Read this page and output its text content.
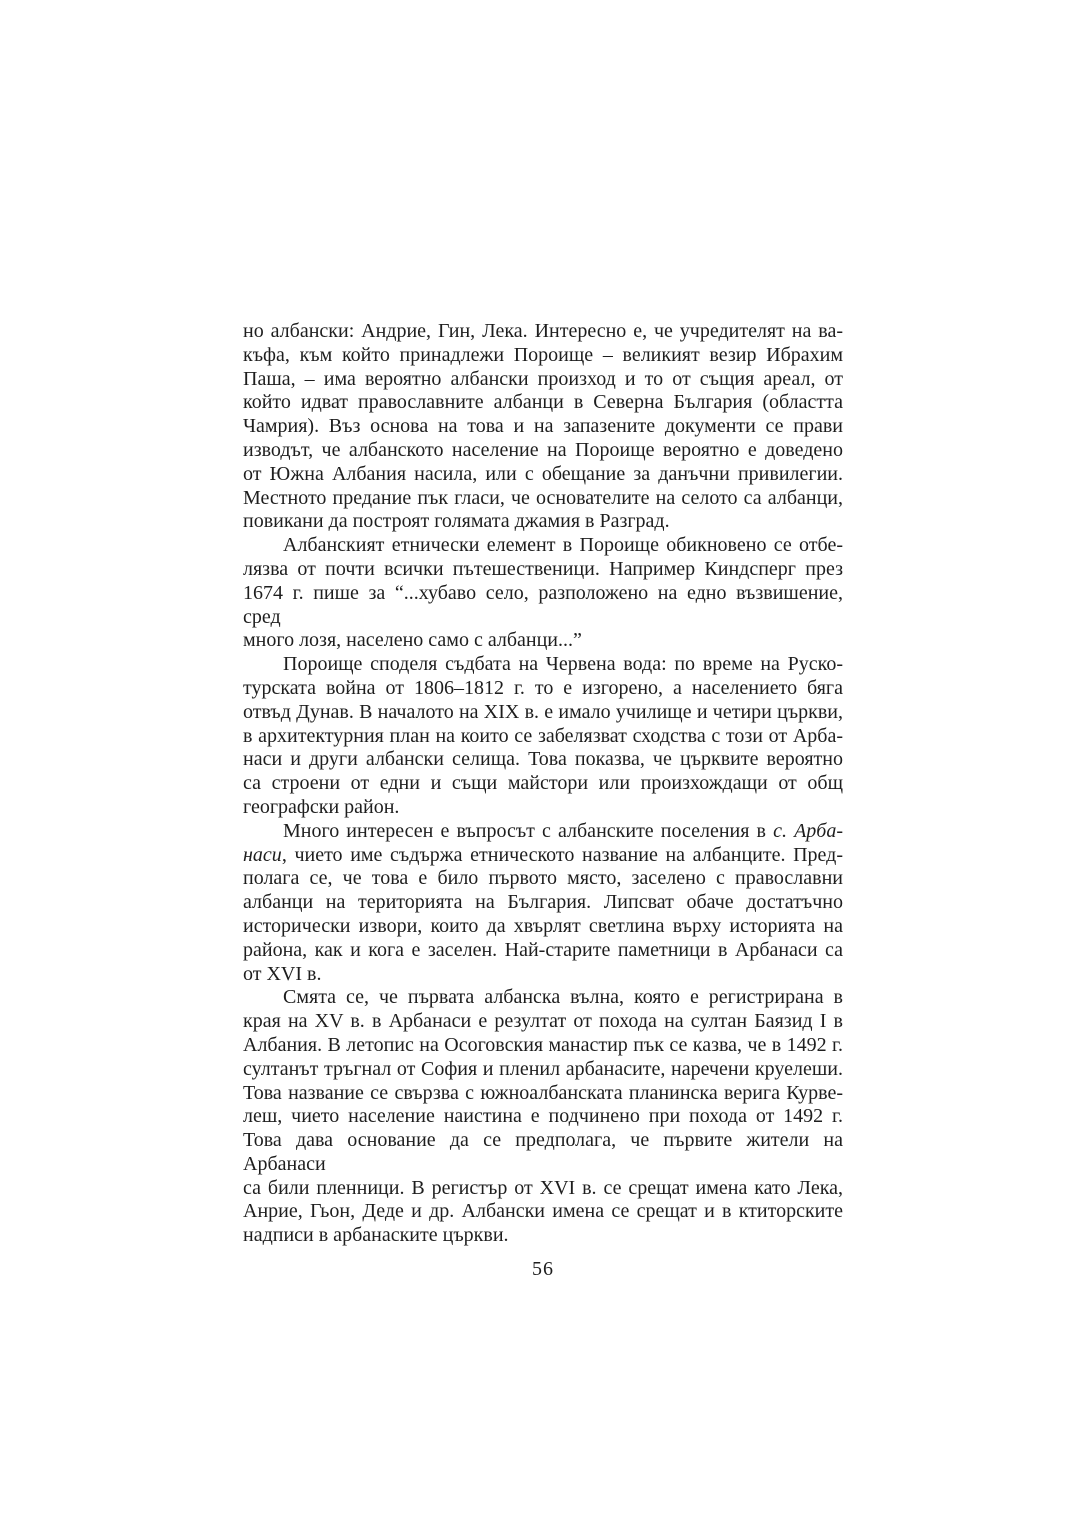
но албански: Андрие, Гин, Лека. Интересно е, че учредителят на ва-
къфа, към който принадлежи Пороище – великият везир Ибрахим
Паша, – има вероятно албански произход и то от същия ареал, от
който идват православните албанци в Северна България (областта
Чамрия). Въз основа на това и на запазените документи се прави
изводът, че албанското население на Пороище вероятно е доведено
от Южна Албания насила, или с обещание за данъчни привилегии.
Местното предание пък гласи, че основателите на селото са албанци,
повикани да построят голямата джамия в Разград.
Албанският етнически елемент в Пороище обикновено се отбе-
лязва от почти всички пътешественици. Например Киндсперг през
1674 г. пише за “...хубаво село, разположено на едно възвишение, сред
много лозя, населено само с албанци...”
Пороище споделя съдбата на Червена вода: по време на Руско-
турската война от 1806–1812 г. то е изгорено, а населението бяга
отвъд Дунав. В началото на XIX в. е имало училище и четири църкви,
в архитектурния план на които се забелязват сходства с този от Арба-
наси и други албански селища. Това показва, че църквите вероятно
са строени от едни и същи майстори или произхождащи от общ
географски район.
Много интересен е въпросът с албанските поселения в с. Арба-
наси, чието име съдържа етническото название на албанците. Пред-
полага се, че това е било първото място, заселено с православни
албанци на територията на България. Липсват обаче достатъчно
исторически извори, които да хвърлят светлина върху историята на
района, как и кога е заселен. Най-старите паметници в Арбанаси са
от XVI в.
Смята се, че първата албанска вълна, която е регистрирана в
края на XV в. в Арбанаси е резултат от похода на султан Баязид I в
Албания. В летопис на Осоговския манастир пък се казва, че в 1492 г.
султанът тръгнал от София и пленил арбанасите, наречени круелеши.
Това название се свързва с южноалбанската планинска верига Курве-
леш, чието население наистина е подчинено при похода от 1492 г.
Това дава основание да се предполага, че първите жители на Арбанаси
са били пленници. В регистър от XVI в. се срещат имена като Лека,
Анрие, Гьон, Деде и др. Албански имена се срещат и в ктиторските
надписи в арбанаските църкви.
56
